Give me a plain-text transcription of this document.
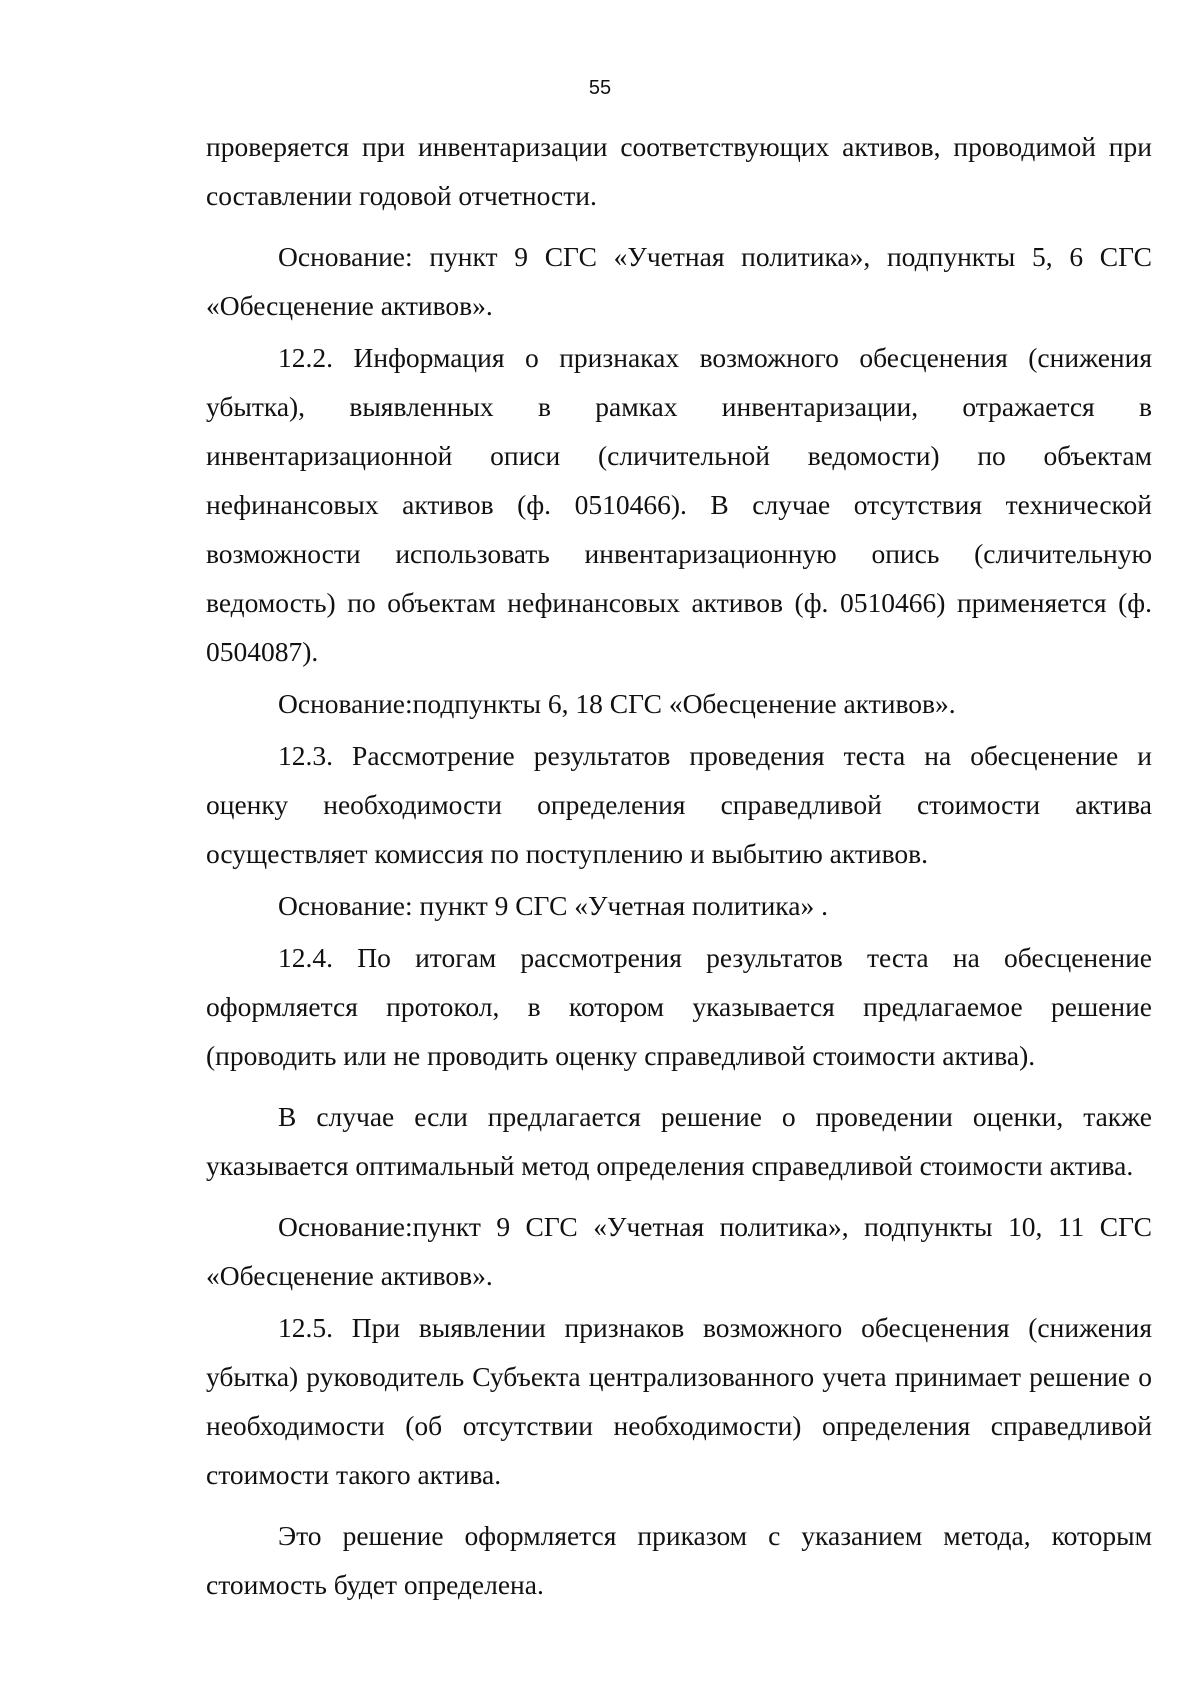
55

проверяется при инвентаризации соответствующих активов, проводимой при составлении годовой отчетности.

Основание: пункт 9 СГС «Учетная политика», подпункты 5, 6 СГС «Обесценение активов».

12.2. Информация о признаках возможного обесценения (снижения убытка), выявленных в рамках инвентаризации, отражается в инвентаризационной описи (сличительной ведомости) по объектам нефинансовых активов (ф. 0510466). В случае отсутствия технической возможности использовать инвентаризационную опись (сличительную ведомость) по объектам нефинансовых активов (ф. 0510466) применяется (ф. 0504087).

Основание:подпункты 6, 18 СГС «Обесценение активов».

12.3. Рассмотрение результатов проведения теста на обесценение и оценку необходимости определения справедливой стоимости актива осуществляет комиссия по поступлению и выбытию активов.

Основание: пункт 9 СГС «Учетная политика» .

12.4. По итогам рассмотрения результатов теста на обесценение оформляется протокол, в котором указывается предлагаемое решение (проводить или не проводить оценку справедливой стоимости актива).

В случае если предлагается решение о проведении оценки, также указывается оптимальный метод определения справедливой стоимости актива.

Основание:пункт 9 СГС «Учетная политика», подпункты 10, 11 СГС «Обесценение активов».

12.5. При выявлении признаков возможного обесценения (снижения убытка) руководитель Субъекта централизованного учета принимает решение о необходимости (об отсутствии необходимости) определения справедливой стоимости такого актива.

Это решение оформляется приказом с указанием метода, которым стоимость будет определена.
